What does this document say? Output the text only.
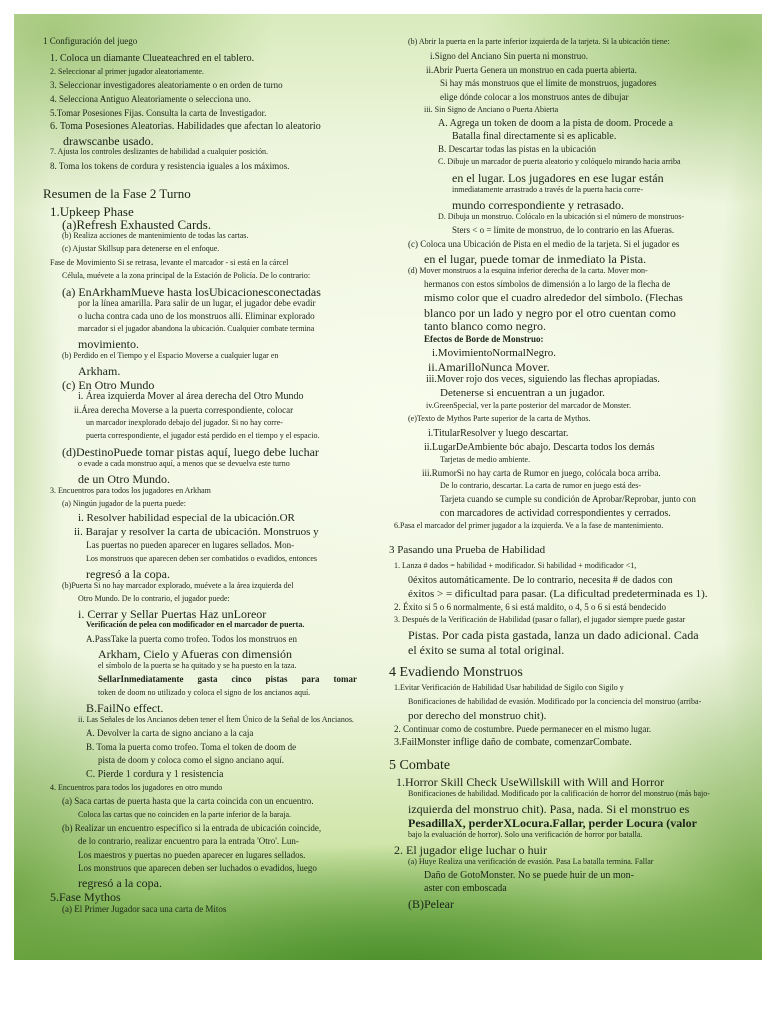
1 Configuración del juego
1. Coloca un diamante Clueateachred en el tablero.
2. Seleccionar al primer jugador aleatoriamente.
3. Seleccionar investigadores aleatoriamente o en orden de turno
4. Selecciona Antiguo Aleatoriamente o selecciona uno.
5.Tomar Posesiones Fijas. Consulta la carta de Investigador.
6. Toma Posesiones Aleatorias. Habilidades que afectan lo aleatorio
drawscanbe usado.
7. Ajusta los controles deslizantes de habilidad a cualquier posición.
8. Toma los tokens de cordura y resistencia iguales a los máximos.
Resumen de la Fase 2 Turno
1.Upkeep Phase
(a)Refresh Exhausted Cards.
(b) Realiza acciones de mantenimiento de todas las cartas.
(c) Ajustar Skillsup para detenerse en el enfoque.
Fase de Movimiento Si se retrasa, levante el marcador - si está en la cárcel
Célula, muévete a la zona principal de la Estación de Policía. De lo contrario:
(a) EnArkhamMueve hasta losUbicacionesconectadas
por la línea amarilla. Para salir de un lugar, el jugador debe evadir
o lucha contra cada uno de los monstruos allí. Eliminar explorado
marcador si el jugador abandona la ubicación. Cualquier combate termina
movimiento.
(b) Perdido en el Tiempo y el Espacio Moverse a cualquier lugar en
Arkham.
(c) En Otro Mundo
i. Área izquierda Mover al área derecha del Otro Mundo
ii.Área derecha Moverse a la puerta correspondiente, colocar
un marcador inexplorado debajo del jugador. Si no hay corre-
puerta correspondiente, el jugador está perdido en el tiempo y el espacio.
(d)DestinoPuede tomar pistas aquí, luego debe luchar
o evade a cada monstruo aquí, a menos que se devuelva este turno
de un Otro Mundo.
3. Encuentros para todos los jugadores en Arkham
(a) Ningún jugador de la puerta puede:
i. Resolver habilidad especial de la ubicación.OR
ii. Barajar y resolver la carta de ubicación. Monstruos y
Las puertas no pueden aparecer en lugares sellados. Mon-
Los monstruos que aparecen deben ser combatidos o evadidos, entonces
regresó a la copa.
(b)Puerta Si no hay marcador explorado, muévete a la área izquierda del
Otro Mundo. De lo contrario, el jugador puede:
i. Cerrar y Sellar Puertas Haz unLoreor
Verificación de pelea con modificador en el marcador de puerta.
A.PassTake la puerta como trofeo. Todos los monstruos en
Arkham, Cielo y Afueras con dimensión
el símbolo de la puerta se ha quitado y se ha puesto en la taza.
SellarInmediatamente gasta cinco pistas para tomar
token de doom no utilizado y coloca el signo de los ancianos aquí.
B.FailNo effect.
ii. Las Señales de los Ancianos deben tener el Ítem Único de la Señal de los Ancianos.
A. Devolver la carta de signo anciano a la caja
B. Toma la puerta como trofeo. Toma el token de doom de
pista de doom y coloca como el signo anciano aquí.
C. Pierde 1 cordura y 1 resistencia
4. Encuentros para todos los jugadores en otro mundo
(a) Saca cartas de puerta hasta que la carta coincida con un encuentro.
Coloca las cartas que no coinciden en la parte inferior de la baraja.
(b) Realizar un encuentro específico si la entrada de ubicación coincide,
de lo contrario, realizar encuentro para la entrada 'Otro'. Lun-
Los maestros y puertas no pueden aparecer en lugares sellados.
Los monstruos que aparecen deben ser luchados o evadidos, luego
regresó a la copa.
5.Fase Mythos
(a) El Primer Jugador saca una carta de Mitos
(b) Abrir la puerta en la parte inferior izquierda de la tarjeta. Si la ubicación tiene:
i.Signo del Anciano Sin puerta ni monstruo.
ii.Abrir Puerta Genera un monstruo en cada puerta abierta.
Si hay más monstruos que el límite de monstruos, jugadores
elige dónde colocar a los monstruos antes de dibujar
iii. Sin Signo de Anciano o Puerta Abierta
A. Agrega un token de doom a la pista de doom. Procede a
Batalla final directamente si es aplicable.
B. Descartar todas las pistas en la ubicación
C. Dibuje un marcador de puerta aleatorio y colóquelo mirando hacia arriba
en el lugar. Los jugadores en ese lugar están
inmediatamente arrastrado a través de la puerta hacia corre-
mundo correspondiente y retrasado.
D. Dibuja un monstruo. Colócalo en la ubicación si el número de monstruos-
Sters < o = límite de monstruo, de lo contrario en las Afueras.
(c) Coloca una Ubicación de Pista en el medio de la tarjeta. Si el jugador es
en el lugar, puede tomar de inmediato la Pista.
(d) Mover monstruos a la esquina inferior derecha de la carta. Mover mon-
hermanos con estos símbolos de dimensión a lo largo de la flecha de
mismo color que el cuadro alrededor del símbolo. (Flechas
blanco por un lado y negro por el otro cuentan como
tanto blanco como negro.
Efectos de Borde de Monstruo:
i.MovimientoNormalNegro.
ii.AmarilloNunca Mover.
iii.Mover rojo dos veces, siguiendo las flechas apropiadas.
Detenerse si encuentran a un jugador.
iv.GreenSpecial, ver la parte posterior del marcador de Monster.
(e)Texto de Mythos Parte superior de la carta de Mythos.
i.TitularResolver y luego descartar.
ii.LugarDeAmbiente bóc abajo. Descarta todos los demás
Tarjetas de medio ambiente.
iii.RumorSi no hay carta de Rumor en juego, colócala boca arriba.
De lo contrario, descartar. La carta de rumor en juego está des-
Tarjeta cuando se cumple su condición de Aprobar/Reprobar, junto con
con marcadores de actividad correspondientes y cerrados.
6.Pasa el marcador del primer jugador a la izquierda. Ve a la fase de mantenimiento.
3 Pasando una Prueba de Habilidad
1. Lanza # dados = habilidad + modificador. Si habilidad + modificador <1,
0éxitos automáticamente. De lo contrario, necesita # de dados con
éxitos > = dificultad para pasar. (La dificultad predeterminada es 1).
2. Éxito si 5 o 6 normalmente, 6 si está maldito, o 4, 5 o 6 si está bendecido
3. Después de la Verificación de Habilidad (pasar o fallar), el jugador siempre puede gastar
Pistas. Por cada pista gastada, lanza un dado adicional. Cada
el éxito se suma al total original.
4 Evadiendo Monstruos
1.Evitar Verificación de Habilidad Usar habilidad de Sigilo con Sigilo y
Bonificaciones de habilidad de evasión. Modificado por la conciencia del monstruo (arriba-
por derecho del monstruo chit).
2. Continuar como de costumbre. Puede permanecer en el mismo lugar.
3.FailMonster inflige daño de combate, comenzarCombate.
5 Combate
1.Horror Skill Check UseWillskill with Will and Horror
Bonificaciones de habilidad. Modificado por la calificación de horror del monstruo (más bajo-
izquierda del monstruo chit). Pasa, nada. Si el monstruo es
PesadillaX, perderXLocura.Fallar, perder Locura (valor
bajo la evaluación de horror). Solo una verificación de horror por batalla.
2. El jugador elige luchar o huir
(a) Huye Realiza una verificación de evasión. Pasa La batalla termina. Fallar
Daño de GotoMonster. No se puede huir de un mon-
aster con emboscada
(B)Pelear
